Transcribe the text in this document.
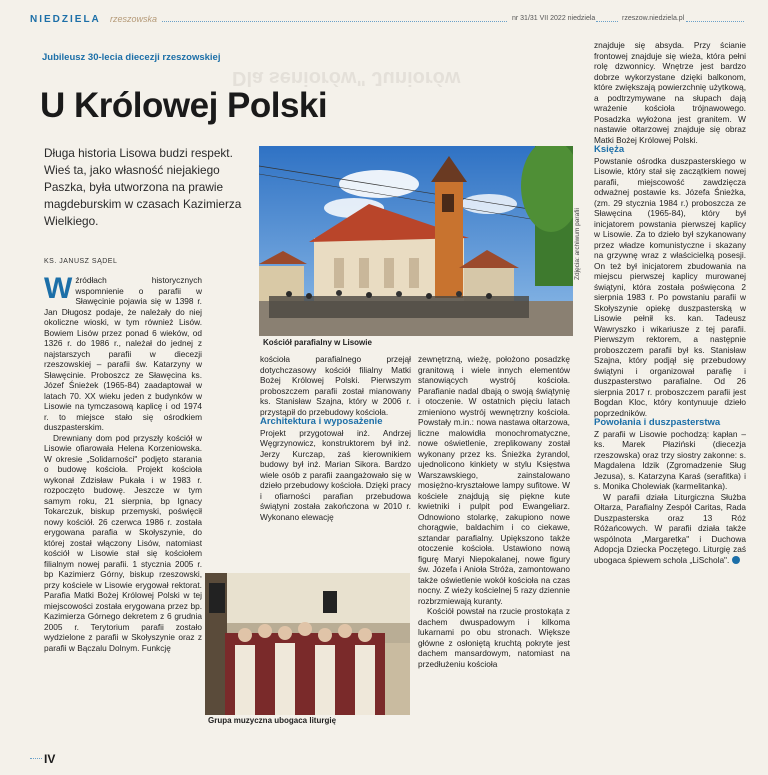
NIEDZIELA rzeszowska	nr 31/31 VII 2022 niedziela	rzeszow.niedziela.pl
Dla seniorów" Juniorów
Jubileusz 30-lecia diecezji rzeszowskiej
U Królowej Polski
Długa historia Lisowa budzi respekt. Wieś ta, jako własność niejakiego Paszka, była utworzona na prawie magdeburskim w czasach Kazimierza Wielkiego.
KS. JANUSZ SĄDEL
Kościół parafialny w Lisowie
Zdjęcia: archiwum parafii
Grupa muzyczna ubogaca liturgię

Wźródłach historycznych wspomnienie o parafii w Sławęcinie pojawia się w 1398 r. Jan Długosz podaje, że należały do niej okoliczne wioski, w tym również Lisów. Bowiem Lisów przez ponad 6 wieków, od 1326 r. do 1986 r., należał do jednej z najstarszych parafii w diecezji rzeszowskiej – parafii św. Katarzyny w Sławęcinie. Proboszcz ze Sławęcina ks. Józef Śnieżek (1965-84) zaadaptował w latach 70. XX wieku jeden z budynków w Lisowie na tymczasową kaplicę i od 1974 r. to miejsce stało się ośrodkiem duszpasterskim.

Drewniany dom pod przyszły kościół w Lisowie ofiarowała Helena Korzeniowska. W okresie „Solidarności" podjęto starania o budowę kościoła. Projekt kościoła wykonał Zdzisław Pukała i w 1983 r. rozpoczęto budowę. Jeszcze w tym samym roku, 21 sierpnia, bp Ignacy Tokarczuk, biskup przemyski, poświęcił nowy kościół. 26 czerwca 1986 r. została erygowana parafia w Skołyszynie, do której został włączony Lisów, natomiast kościół w Lisowie stał się kościołem filialnym nowej parafii. 1 stycznia 2005 r. bp Kazimierz Górny, biskup rzeszowski, przy kościele w Lisowie erygował rektorat. Parafia Matki Bożej Królowej Polski w tej miejscowości została erygowana przez bp. Kazimierza Górnego dekretem z 6 grudnia 2005 r. Terytorium parafii zostało wydzielone z parafii w Skołyszynie oraz z parafii w Bączalu Dolnym. Funkcję

kościoła parafialnego przejął dotychczasowy kościół filialny Matki Bożej Królowej Polski. Pierwszym proboszczem parafii został mianowany ks. Stanisław Szajna, który w 2006 r. przystąpił do przebudowy kościoła.

Architektura i wyposażenie

Projekt przygotował inż. Andrzej Węgrzynowicz, konstruktorem był inż. Jerzy Kurczap, zaś kierownikiem budowy był inż. Marian Sikora. Bardzo wiele osób z parafii zaangażowało się w dzieło przebudowy kościoła. Dzięki pracy i ofiarności parafian przebudowa świątyni została zakończona w 2010 r. Wykonano elewację

zewnętrzną, wieżę, położono posadzkę granitową i wiele innych elementów stanowiących wystrój kościoła. Parafianie nadal dbają o swoją świątynię i otoczenie. W ostatnich pięciu latach zmieniono wystrój wewnętrzny kościoła. Powstały m.in.: nowa nastawa ołtarzowa, liczne malowidła monochromatyczne, nowe oświetlenie, zreplikowany został wykonany przez ks. Śnieżka żyrandol, ujednolicono kinkiety w stylu Księstwa Warszawskiego, zainstalowano mosiężno-kryształowe lampy sufitowe. W kościele znajdują się piękne kute kwietniki i pulpit pod Ewangeliarz. Odnowiono stolarkę, zakupiono nowe chorągwie, baldachim i co ciekawe, sztandar parafialny. Upiększono także otoczenie kościoła. Ustawiono nową figurę Maryi Niepokalanej, nowe figury św. Józefa i Anioła Stróża, zamontowano także oświetlenie wokół kościoła na czas nocny. Z wieży kościelnej 5 razy dziennie rozbrzmiewają kuranty.

Kościół powstał na rzucie prostokąta z dachem dwuspadowym i kilkoma lukarnami po obu stronach. Większe główne z osłoniętą kruchtą pokryte jest dachem mansardowym, natomiast na przedłużeniu kościoła

znajduje się absyda. Przy ścianie frontowej znajduje się wieża, która pełni rolę dzwonnicy. Wnętrze jest bardzo dobrze wykorzystane dzięki balkonom, które zwiększają powierzchnię użytkową, a podtrzymywane na słupach dają wrażenie kościoła trójnawowego. Posadzka wyłożona jest granitem. W nastawie ołtarzowej znajduje się obraz Matki Bożej Królowej Polski.

Księża

Powstanie ośrodka duszpasterskiego w Lisowie, który stał się zaczątkiem nowej parafii, miejscowość zawdzięcza odważnej postawie ks. Józefa Śnieżka, (zm. 29 stycznia 1984 r.) proboszcza ze Sławęcina (1965-84), który był inicjatorem powstania pierwszej kaplicy w Lisowie. Za to dzieło był szykanowany przez władze komunistyczne i skazany na grzywnę wraz z właścicielką posesji. On też był inicjatorem zbudowania na miejscu pierwszej kaplicy murowanej świątyni, która została poświęcona 2 sierpnia 1983 r. Po powstaniu parafii w Skołyszynie opiekę duszpasterską w Lisowie pełnił ks. kan. Tadeusz Wawryszko i wikariusze z tej parafii. Pierwszym rektorem, a następnie proboszczem parafii był ks. Stanisław Szajna, który podjął się przebudowy świątyni i organizował parafię i duszpasterstwo parafialne. Od 26 sierpnia 2017 r. proboszczem parafii jest Bogdan Kloc, który kontynuuje dzieło poprzedników.

Powołania i duszpasterstwa

Z parafii w Lisowie pochodzą: kapłan – ks. Marek Płaziński (diecezja rzeszowska) oraz trzy siostry zakonne: s. Magdalena Idzik (Zgromadzenie Sług Jezusa), s. Katarzyna Karaś (serafitka) i s. Monika Cholewiak (karmelitanka).

W parafii działa Liturgiczna Służba Ołtarza, Parafialny Zespół Caritas, Rada Duszpasterska oraz 13 Róż Różańcowych. W parafii działa także wspólnota „Margaretka" i Duchowa Adopcja Dziecka Poczętego. Liturgię zaś ubogaca śpiewem schola „LiSchola".

IV
